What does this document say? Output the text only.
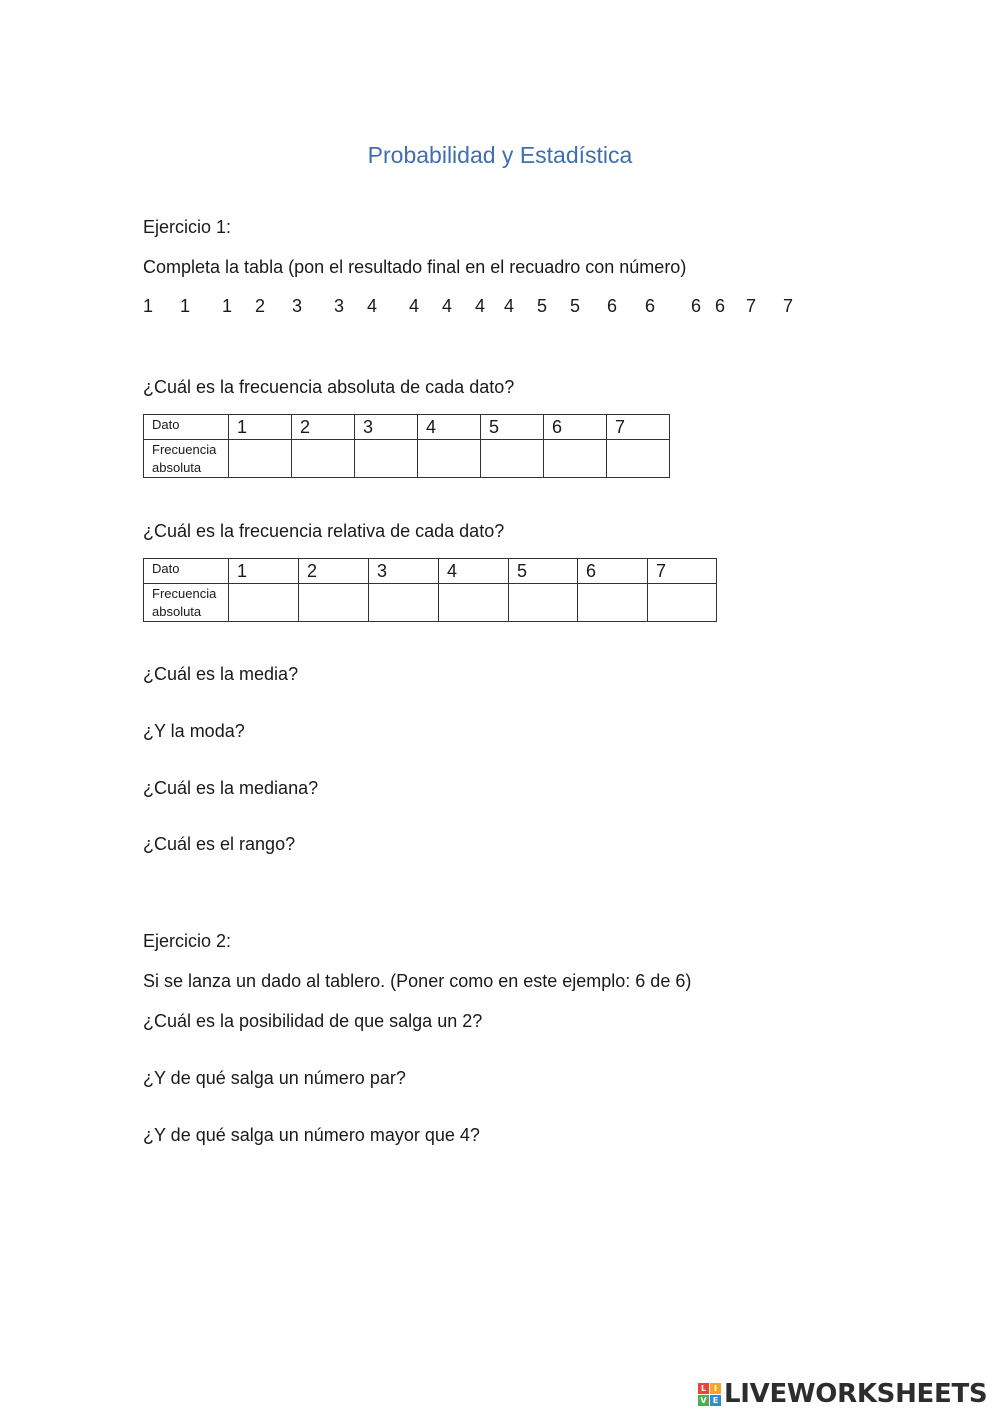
Probabilidad y Estadística
Ejercicio 1:
Completa la tabla (pon el resultado final en el recuadro con número)
1 1 1 2 3 3 4 4 4 4 4 5 5 6 6 6 6 7 7
¿Cuál es la frecuencia absoluta de cada dato?
Dato	1	2	3	4	5	6	7
Frecuencia absoluta							
¿Cuál es la frecuencia relativa de cada dato?
Dato	1	2	3	4	5	6	7
Frecuencia absoluta							
¿Cuál es la media?
¿Y la moda?
¿Cuál es la mediana?
¿Cuál es el rango?
Ejercicio 2:
Si se lanza un dado al tablero. (Poner como en este ejemplo: 6 de 6)
¿Cuál es la posibilidad de que salga un 2?
¿Y de qué salga un número par?
¿Y de qué salga un número mayor que 4?
L I
V E LIVEWORKSHEETS
